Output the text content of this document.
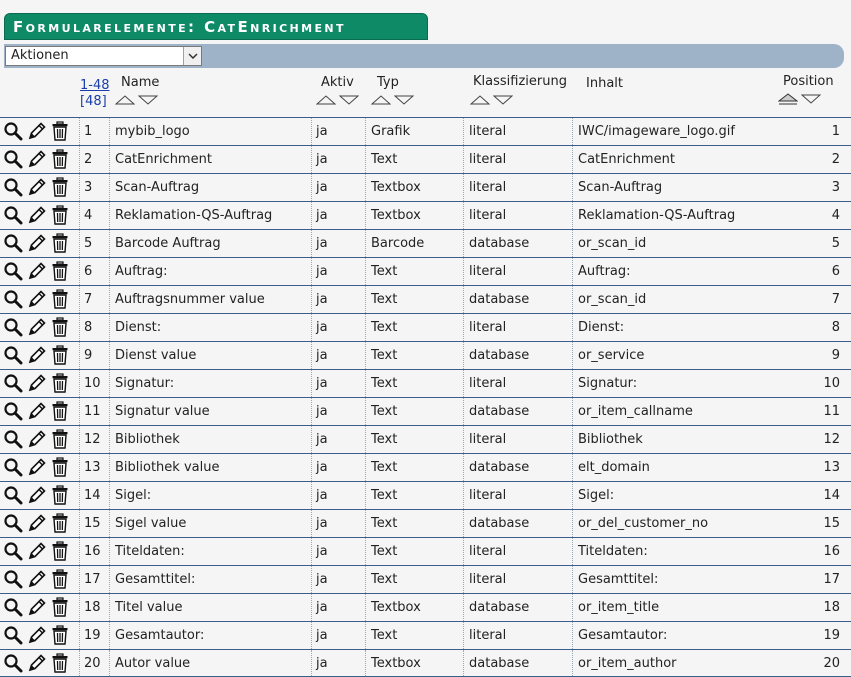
Formularelemente: CatEnrichment
Aktionen
1-48
[48]
Name	Aktiv Typ	Klassifizierung Inhalt	Position
1 mybib_logo	ja	Grafik	literal	IWC/imageware_logo.gif	1
2 CatEnrichment	ja	Text	literal	CatEnrichment	2
3 Scan-Auftrag	ja	Textbox	literal	Scan-Auftrag	3
4 Reklamation-QS-Auftrag	ja	Textbox	literal	Reklamation-QS-Auftrag	4
5 Barcode Auftrag	ja	Barcode	database	or_scan_id	5
6 Auftrag:	ja	Text	literal	Auftrag:	6
7 Auftragsnummer value	ja	Text	database	or_scan_id	7
8 Dienst:	ja	Text	literal	Dienst:	8
9 Dienst value	ja	Text	database	or_service	9
10 Signatur:	ja	Text	literal	Signatur:	10
11 Signatur value	ja	Text	database	or_item_callname	11
12 Bibliothek	ja	Text	literal	Bibliothek	12
13 Bibliothek value	ja	Text	database	elt_domain	13
14 Sigel:	ja	Text	literal	Sigel:	14
15 Sigel value	ja	Text	database	or_del_customer_no	15
16 Titeldaten:	ja	Text	literal	Titeldaten:	16
17 Gesamttitel:	ja	Text	literal	Gesamttitel:	17
18 Titel value	ja	Textbox	database	or_item_title	18
19 Gesamtautor:	ja	Text	literal	Gesamtautor:	19
20 Autor value	ja	Textbox	database	or_item_author	20
